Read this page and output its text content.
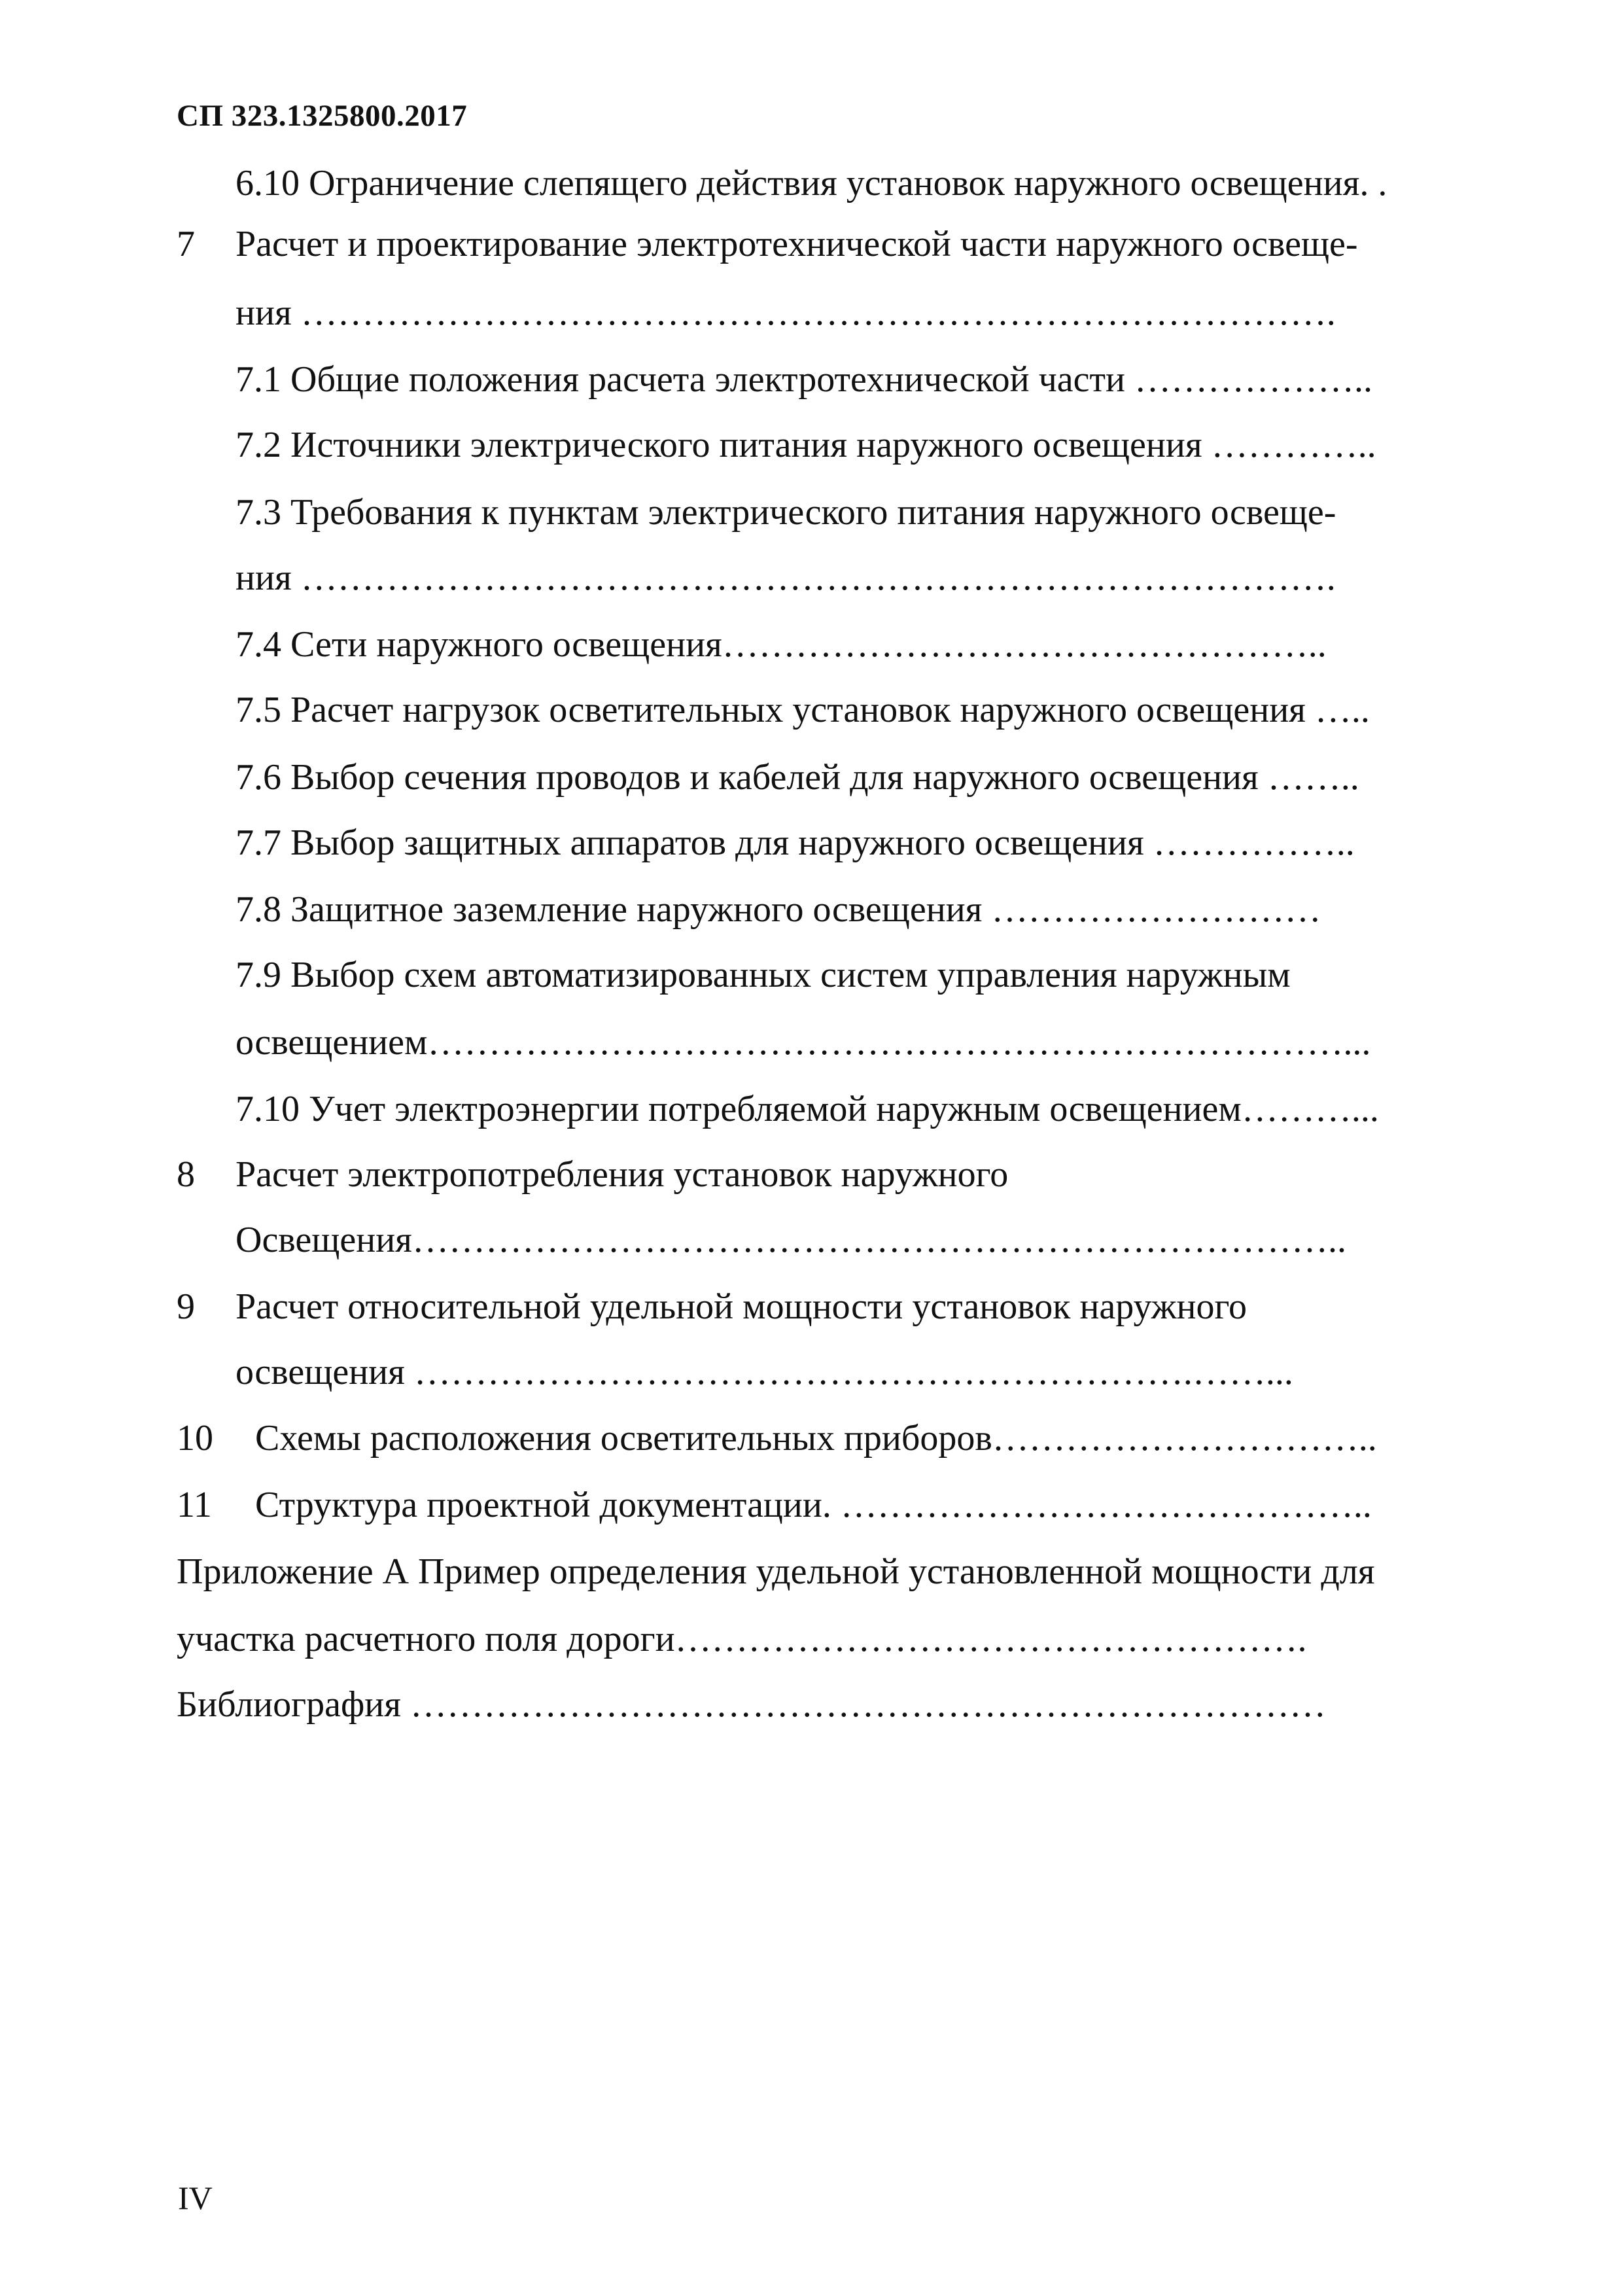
СП 323.1325800.2017
6.10 Ограничение слепящего действия установок наружного освещения. .
7 Расчет и проектирование электротехнической части наружного освеще-
ния ………………………………………………………………………….
7.1 Общие положения расчета электротехнической части ………………..
7.2 Источники электрического питания наружного освещения …………..
7.3 Требования к пунктам электрического питания наружного освеще-
ния ………………………………………………………………………….
7.4 Сети наружного освещения…………………………………………..
7.5 Расчет нагрузок осветительных установок наружного освещения …..
7.6 Выбор сечения проводов и кабелей для наружного освещения ……..
7.7 Выбор защитных аппаратов для наружного освещения ……………..
7.8 Защитное заземление наружного освещения ………………………
7.9 Выбор схем автоматизированных систем управления наружным
освещением…………………………………………………………………...
7.10 Учет электроэнергии потребляемой наружным освещением………...
8 Расчет электропотребления установок наружного
Освещения…………………………………………………………………..
9 Расчет относительной удельной мощности установок наружного
освещения ……………………………………………………….……...
10 Схемы расположения осветительных приборов…………………………..
11 Структура проектной документации. ……………………………………..
Приложение А Пример определения удельной установленной мощности для
участка расчетного поля дороги…………………………………………….
Библиография …………………………………………………………………
IV
